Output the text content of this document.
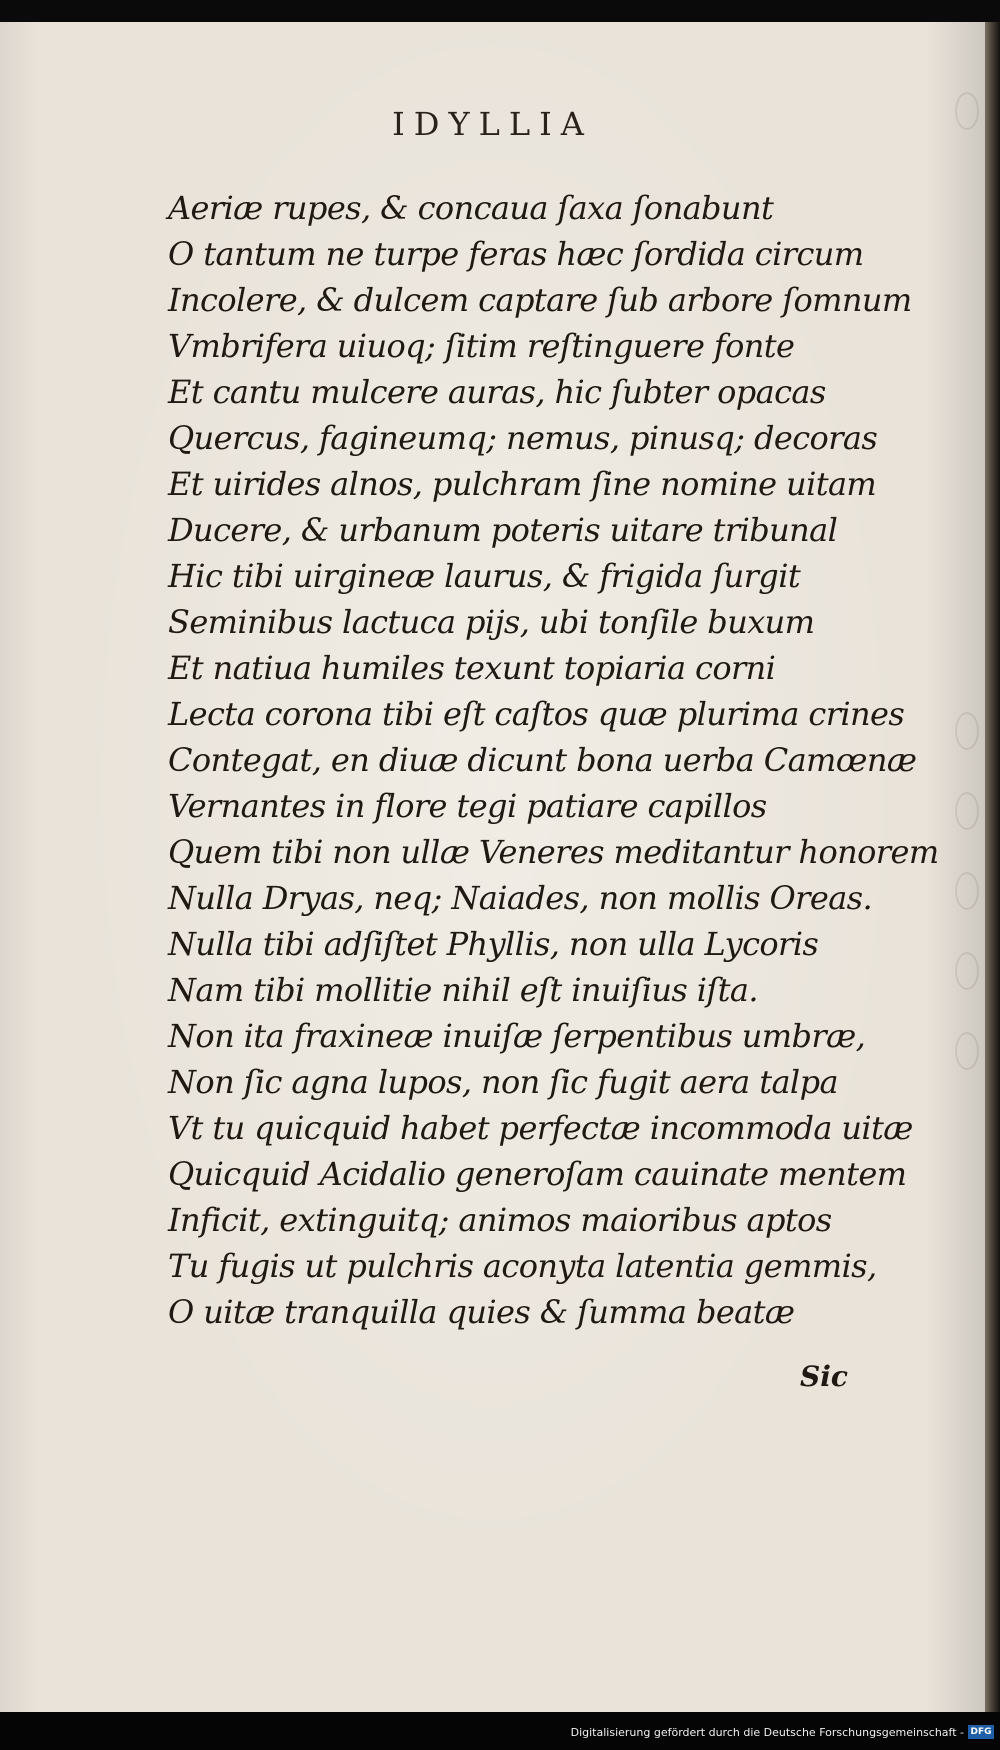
IDYLLIA
Aeriæ rupes, & concaua ſaxa ſonabunt
O tantum ne turpe feras hæc ſordida circum
Incolere, & dulcem captare ſub arbore ſomnum
Vmbrifera uiuoq; ſitim reſtinguere fonte
Et cantu mulcere auras, hic ſubter opacas
Quercus, fagineumq; nemus, pinusq; decoras
Et uirides alnos, pulchram ſine nomine uitam
Ducere, & urbanum poteris uitare tribunal
Hic tibi uirgineæ laurus, & frigida ſurgit
Seminibus lactuca pijs, ubi tonſile buxum
Et natiua humiles texunt topiaria corni
Lecta corona tibi eſt caſtos quæ plurima crines
Contegat, en diuæ dicunt bona uerba Camœnæ
Vernantes in flore tegi patiare capillos
Quem tibi non ullæ Veneres meditantur honorem
Nulla Dryas, neq; Naiades, non mollis Oreas.
Nulla tibi adſiſtet Phyllis, non ulla Lycoris
Nam tibi mollitie nihil eſt inuiſius iſta.
Non ita fraxineæ inuiſæ ſerpentibus umbræ,
Non ſic agna lupos, non ſic fugit aera talpa
Vt tu quicquid habet perfectæ incommoda uitæ
Quicquid Acidalio generoſam cauinate mentem
Inficit, extinguitq; animos maioribus aptos
Tu fugis ut pulchris aconyta latentia gemmis,
O uitæ tranquilla quies & ſumma beatæ
Sic
Digitalisierung gefördert durch die Deutsche Forschungsgemeinschaft - DFG
